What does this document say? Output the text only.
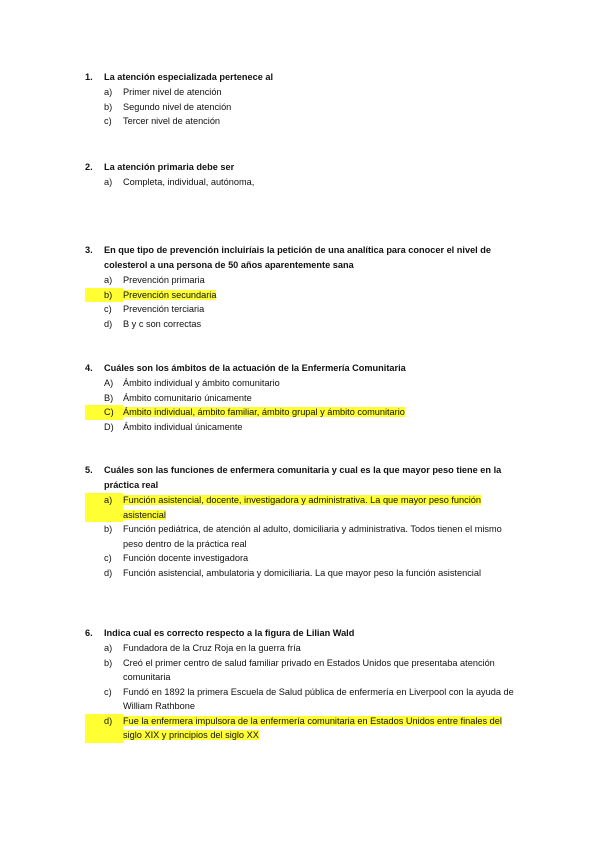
1.	La atención especializada pertenece al
a)	Primer nivel de atención
b)	Segundo nivel de atención
c)	Tercer nivel de atención
2.	La atención primaria debe ser
a)	Completa, individual, autónoma,
3.	En que tipo de prevención incluiríais la petición de una analítica para conocer el nivel de colesterol a una persona de 50 años aparentemente sana
a)	Prevención primaria
b)	Prevención secundaria
c)	Prevención terciaria
d)	B y c son correctas
4.	Cuáles son los ámbitos de la actuación de la Enfermería Comunitaria
A)	Ámbito individual y ámbito comunitario
B)	Ámbito comunitario únicamente
C)	Ámbito individual, ámbito familiar, ámbito grupal y ámbito comunitario
D)	Ámbito individual únicamente
5.	Cuáles son las funciones de enfermera comunitaria y cual es la que mayor peso tiene en la práctica real
a)	Función asistencial, docente, investigadora y administrativa. La que mayor peso función asistencial
b)	Función pediátrica, de atención al adulto, domiciliaria y administrativa. Todos tienen el mismo peso dentro de la práctica real
c)	Función docente investigadora
d)	Función asistencial, ambulatoria y domiciliaria. La que mayor peso la función asistencial
6.	Indica cual es correcto respecto a la figura de Lilian Wald
a)	Fundadora de la Cruz Roja en la guerra fría
b)	Creó el primer centro de salud familiar privado en Estados Unidos que presentaba atención comunitaria
c)	Fundó en 1892 la primera Escuela de Salud pública de enfermería en Liverpool con la ayuda de William Rathbone
d)	Fue la enfermera impulsora de la enfermería comunitaria en Estados Unidos entre finales del siglo XIX y principios del siglo XX
